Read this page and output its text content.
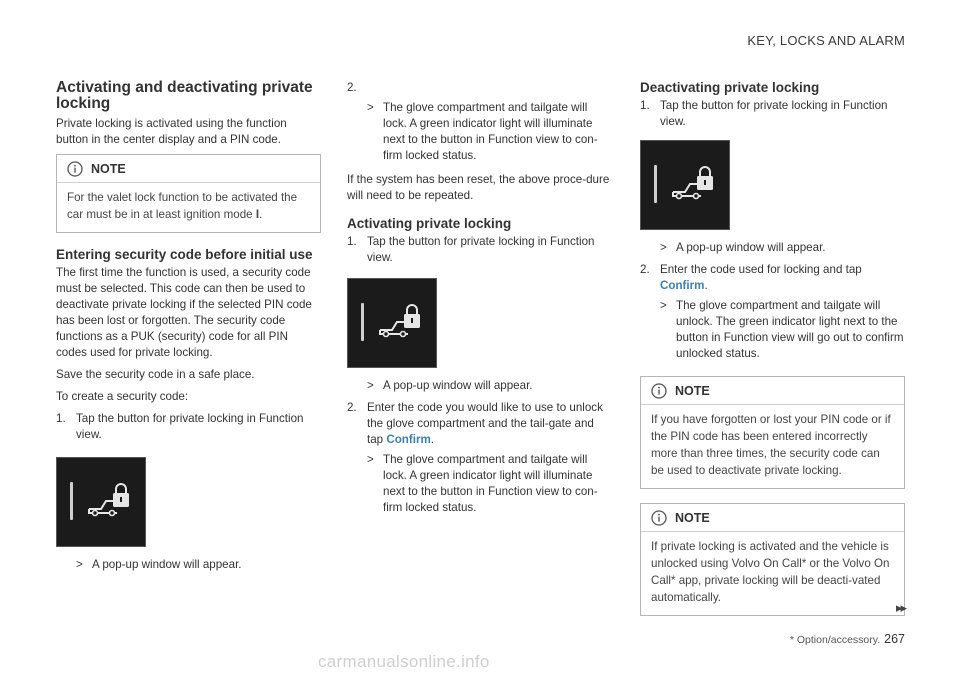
KEY, LOCKS AND ALARM
Activating and deactivating private locking

Private locking is activated using the function button in the center display and a PIN code.

NOTE
For the valet lock function to be activated the car must be in at least ignition mode I.
Entering security code before initial use

The first time the function is used, a security code must be selected. This code can then be used to deactivate private locking if the selected PIN code has been lost or forgotten. The security code functions as a PUK (security) code for all PIN codes used for private locking.

Save the security code in a safe place.

To create a security code:

1. Tap the button for private locking in Function view.
> A pop-up window will appear.
2.
> The glove compartment and tailgate will lock. A green indicator light will illuminate next to the button in Function view to con-firm locked status.

If the system has been reset, the above proce-dure will need to be repeated.

Activating private locking
1. Tap the button for private locking in Function view.
> A pop-up window will appear.
2. Enter the code you would like to use to unlock the glove compartment and the tail-gate and tap Confirm.
> The glove compartment and tailgate will lock. A green indicator light will illuminate next to the button in Function view to con-firm locked status.
Deactivating private locking
1. Tap the button for private locking in Function view.
> A pop-up window will appear.
2. Enter the code used for locking and tap Confirm.
> The glove compartment and tailgate will unlock. The green indicator light next to the button in Function view will go out to confirm unlocked status.
NOTE
If you have forgotten or lost your PIN code or if the PIN code has been entered incorrectly more than three times, the security code can be used to deactivate private locking.
NOTE
If private locking is activated and the vehicle is unlocked using Volvo On Call* or the Volvo On Call* app, private locking will be deacti-vated automatically.
▸▸
* Option/accessory. 267
carmanualsonline.info
